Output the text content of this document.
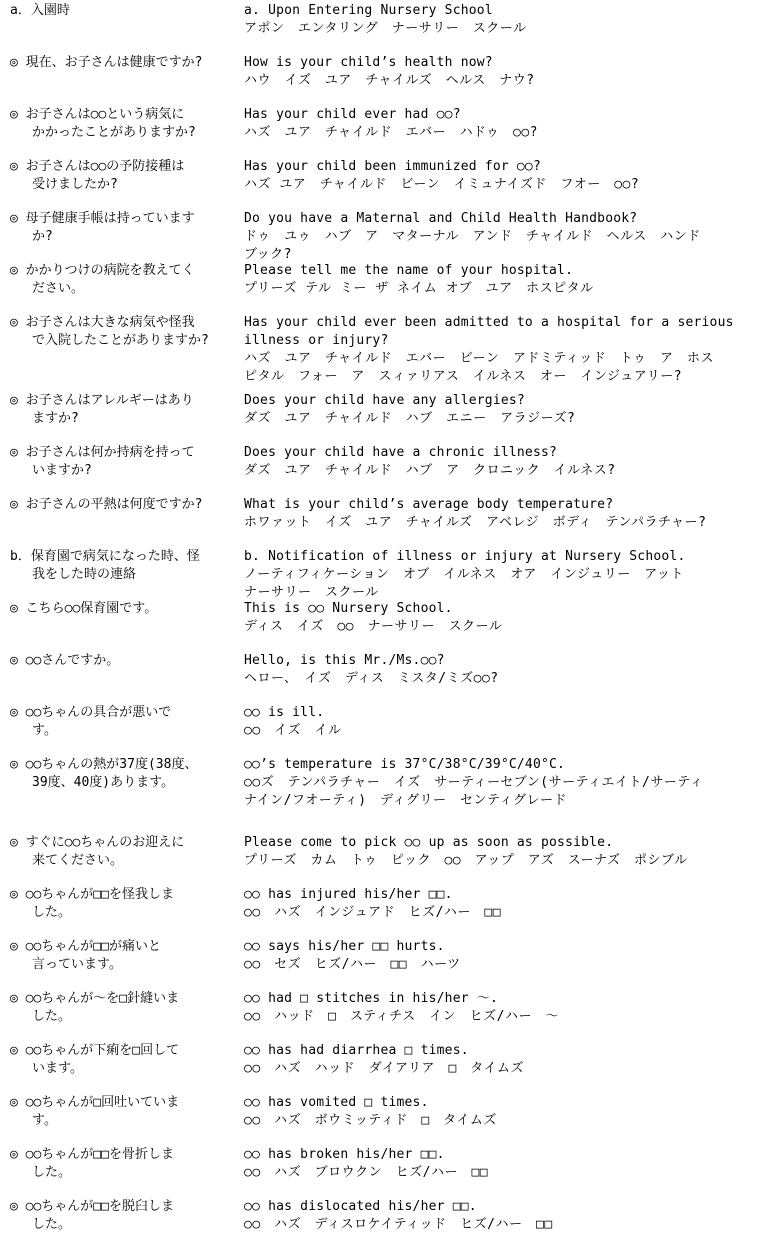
a．入園時	a. Upon Entering Nursery School
アポン　エンタリング　ナーサリー　スクール
◎ 現在、お子さんは健康ですか?	How is your child’s health now?
ハウ　イズ　ユア　チャイルズ　ヘルス　ナウ?
◎ お子さんは○○という病気に
かかったことがありますか?
Has your child ever had ○○?
ハズ　ユア　チャイルド　エバー　ハドゥ　○○?
◎ お子さんは○○の予防接種は
受けましたか?
Has your child been immunized for ○○?
ハズ ユア　チャイルド　ビーン　イミュナイズド　フオー　○○?
◎ 母子健康手帳は持っています
か?
Do you have a Maternal and Child Health Handbook?
ドゥ　ユゥ　ハブ　ア　マターナル　アンド　チャイルド　ヘルス　ハンド
ブック?
◎ かかりつけの病院を教えてく
ださい。
Please tell me the name of your hospital.
プリーズ テル ミー ザ ネイム オブ　ユア　ホスピタル
◎ お子さんは大きな病気や怪我
で入院したことがありますか?
Has your child ever been admitted to a hospital for a serious
illness or injury?
ハズ　ユア　チャイルド　エバー　ビーン　アドミティッド　トゥ　ア　ホス
ピタル　フォー　ア　スィァリアス　イルネス　オー　インジュアリー?
◎ お子さんはアレルギーはあり
ますか?
Does your child have any allergies?
ダズ　ユア　チャイルド　ハブ　エニー　アラジーズ?
◎ お子さんは何か持病を持って
いますか?
Does your child have a chronic illness?
ダズ　ユア　チャイルド　ハブ　ア　クロニック　イルネス?
◎ お子さんの平熱は何度ですか?	What is your child’s average body temperature?
ホワァット　イズ　ユア　チャイルズ　アベレジ　ボディ　テンパラチャー?
b．保育園で病気になった時、怪
我をした時の連絡
b. Notification of illness or injury at Nursery School.
ノーティフィケーション　オブ　イルネス　オア　インジュリー　アット
ナーサリー　スクール
◎ こちら○○保育園です。	This is ○○ Nursery School.
ディス　イズ　○○　ナーサリー　スクール
◎ ○○さんですか。	Hello, is this Mr./Ms.○○?
ヘロー、　イズ　ディス　ミスタ/ミズ○○?
◎ ○○ちゃんの具合が悪いで
す。
○○ is ill.
○○　イズ　イル
◎ ○○ちゃんの熱が37度(38度、
39度、40度)あります。
○○’s temperature is 37°C/38°C/39°C/40°C.
○○ズ　テンパラチャー　イズ　サーティーセブン(サーティエイト/サーティ
ナイン/フオーティ)　ディグリー　センティグレード
◎ すぐに○○ちゃんのお迎えに
来てください。
Please come to pick ○○ up as soon as possible.
プリーズ　カム　トゥ　ピック　○○　アップ　アズ　スーナズ　ポシブル
◎ ○○ちゃんが□□を怪我しま
した。
○○ has injured his/her □□.
○○　ハズ　インジュアド　ヒズ/ハー　□□
◎ ○○ちゃんが□□が痛いと
言っています。
○○ says his/her □□ hurts.
○○　セズ　ヒズ/ハー　□□　ハーツ
◎ ○○ちゃんが～を□針縫いま
した。
○○ had □ stitches in his/her ～.
○○　ハッド　□　スティチス　イン　ヒズ/ハー　～
◎ ○○ちゃんが下痢を□回して
います。
○○ has had diarrhea □ times.
○○　ハズ　ハッド　ダイアリア　□　タイムズ
◎ ○○ちゃんが□回吐いていま
す。
○○ has vomited □ times.
○○　ハズ　ボウミッティド　□　タイムズ
◎ ○○ちゃんが□□を骨折しま
した。
○○ has broken his/her □□.
○○　ハズ　ブロウクン　ヒズ/ハー　□□
◎ ○○ちゃんが□□を脱臼しま
した。
○○ has dislocated his/her □□.
○○　ハズ　ディスロケイティッド　ヒズ/ハー　□□
